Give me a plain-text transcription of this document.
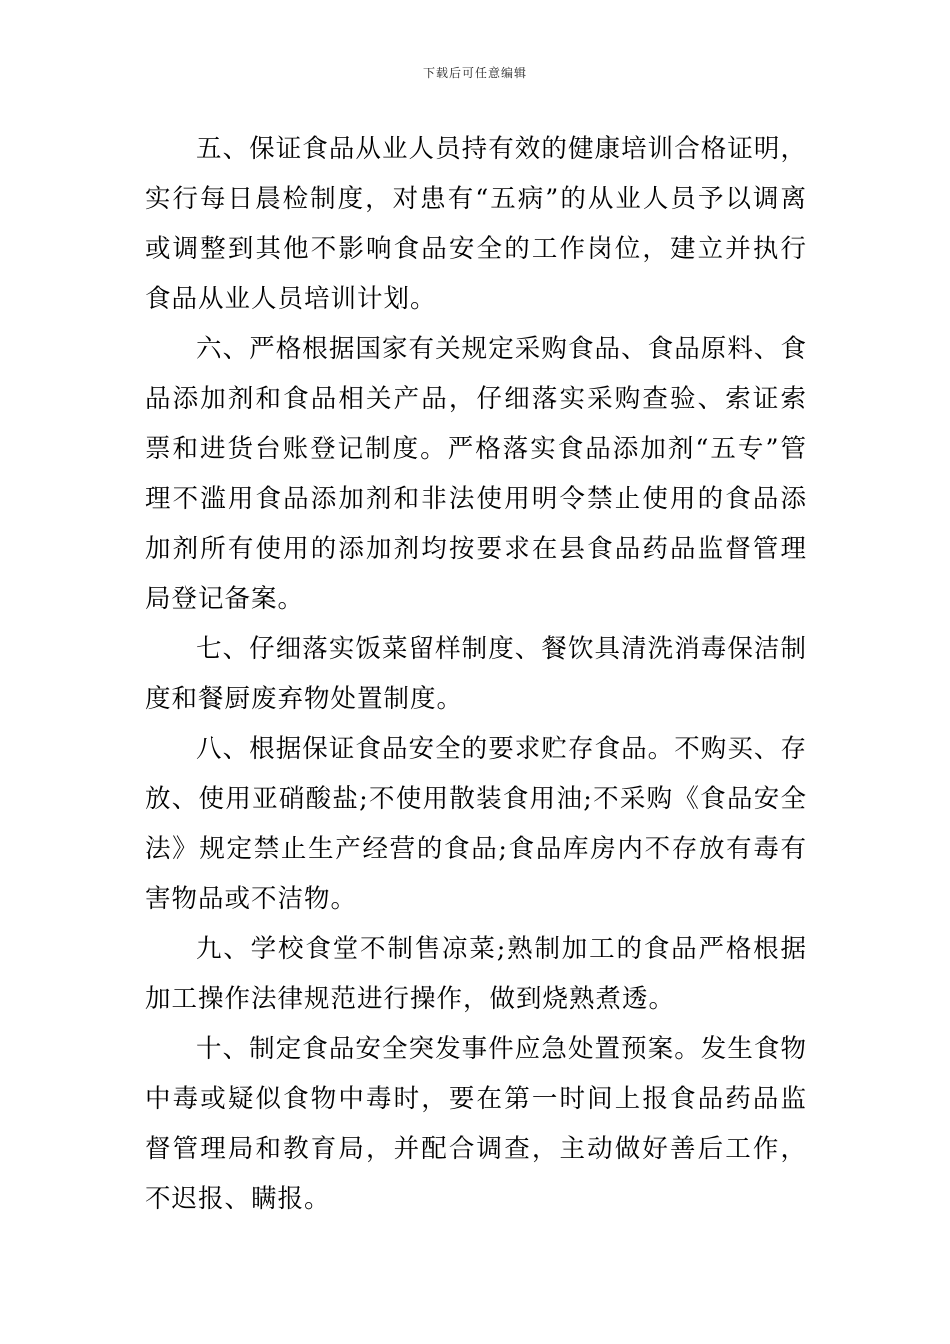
下载后可任意编辑

五、保证食品从业人员持有效的健康培训合格证明，实行每日晨检制度，对患有“五病”的从业人员予以调离或调整到其他不影响食品安全的工作岗位，建立并执行食品从业人员培训计划。

六、严格根据国家有关规定采购食品、食品原料、食品添加剂和食品相关产品，仔细落实采购查验、索证索票和进货台账登记制度。严格落实食品添加剂“五专”管理不滥用食品添加剂和非法使用明令禁止使用的食品添加剂所有使用的添加剂均按要求在县食品药品监督管理局登记备案。

七、仔细落实饭菜留样制度、餐饮具清洗消毒保洁制度和餐厨废弃物处置制度。

八、根据保证食品安全的要求贮存食品。不购买、存放、使用亚硝酸盐;不使用散装食用油;不采购《食品安全法》规定禁止生产经营的食品;食品库房内不存放有毒有害物品或不洁物。

九、学校食堂不制售凉菜;熟制加工的食品严格根据加工操作法律规范进行操作，做到烧熟煮透。

十、制定食品安全突发事件应急处置预案。发生食物中毒或疑似食物中毒时，要在第一时间上报食品药品监督管理局和教育局，并配合调查，主动做好善后工作，不迟报、瞒报。
